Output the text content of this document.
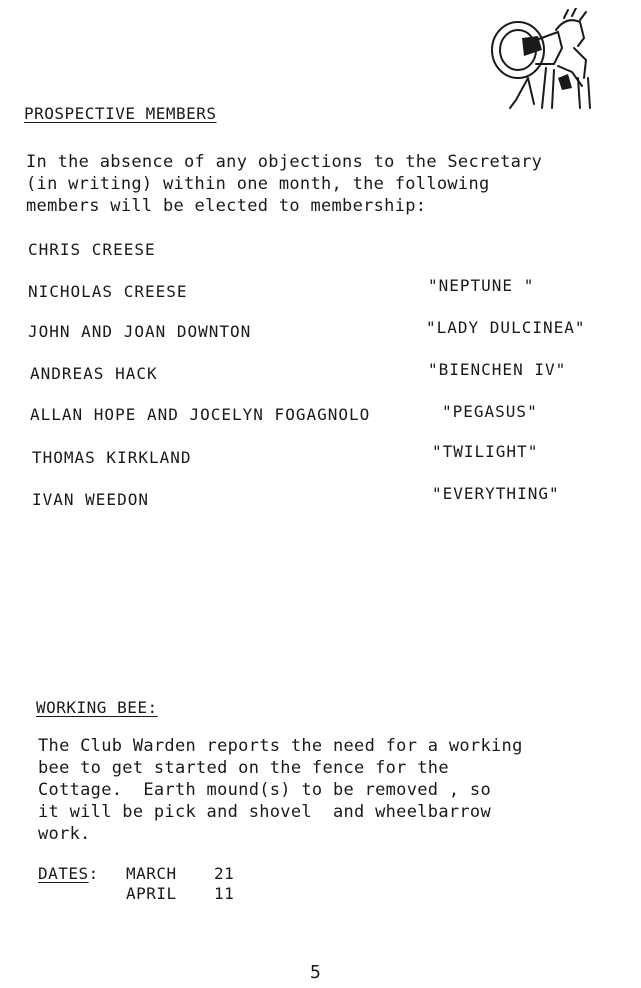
PROSPECTIVE MEMBERS
In the absence of any objections to the Secretary
(in writing) within one month, the following
members will be elected to membership:
CHRIS CREESE
NICHOLAS CREESE	"NEPTUNE "
JOHN AND JOAN DOWNTON	"LADY DULCINEA"
ANDREAS HACK	"BIENCHEN IV"
ALLAN HOPE AND JOCELYN FOGAGNOLO	"PEGASUS"
THOMAS KIRKLAND	"TWILIGHT"
IVAN WEEDON	"EVERYTHING"
WORKING BEE:
The Club Warden reports the need for a working
bee to get started on the fence for the
Cottage.  Earth mound(s) to be removed , so
it will be pick and shovel  and wheelbarrow
work.
DATES: MARCH 21
APRIL 11
5
